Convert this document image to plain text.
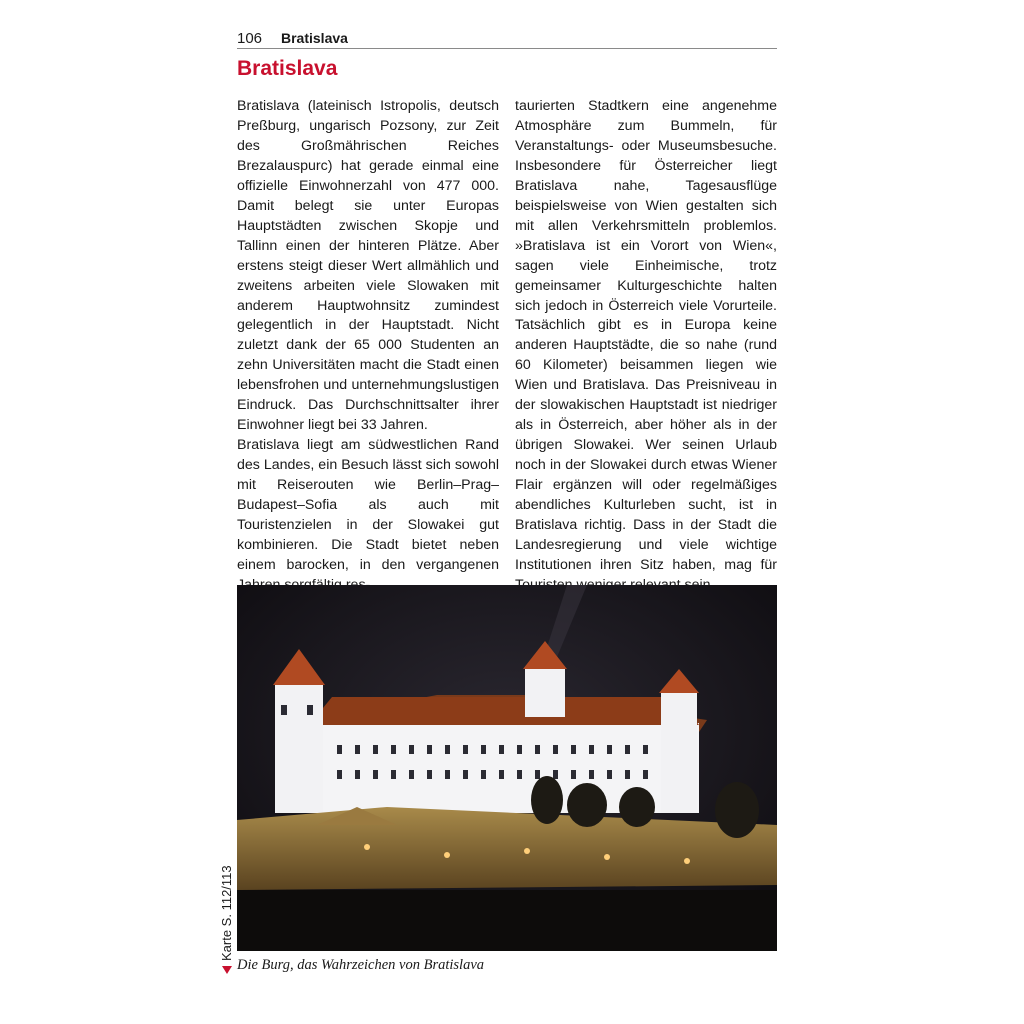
106 Bratislava
Bratislava

Bratislava (lateinisch Istropolis, deutsch Preßburg, ungarisch Pozsony, zur Zeit des Großmährischen Reiches Brezalauspurc) hat gerade einmal eine offizielle Einwohnerzahl von 477 000. Damit belegt sie unter Europas Hauptstädten zwischen Skopje und Tallinn einen der hinteren Plätze. Aber erstens steigt dieser Wert allmählich und zweitens arbeiten viele Slowaken mit anderem Hauptwohnsitz zumindest gelegentlich in der Hauptstadt. Nicht zuletzt dank der 65 000 Studenten an zehn Universitäten macht die Stadt einen lebensfrohen und unternehmungslustigen Eindruck. Das Durchschnittsalter ihrer Einwohner liegt bei 33 Jahren.

Bratislava liegt am südwestlichen Rand des Landes, ein Besuch lässt sich sowohl mit Reiserouten wie Berlin–Prag–Budapest–Sofia als auch mit Touristenzielen in der Slowakei gut kombinieren. Die Stadt bietet neben einem barocken, in den vergangenen

taurierten Stadtkern eine angenehme Atmosphäre zum Bummeln, für Veranstaltungs- oder Museumsbesuche. Insbesondere für Österreicher liegt Bratislava nahe, Tagesausflüge beispielsweise von Wien gestalten sich mit allen Verkehrsmitteln problemlos. »Bratislava ist ein Vorort von Wien«, sagen viele Einheimische, trotz gemeinsamer Kulturgeschichte halten sich jedoch in Österreich viele Vorurteile. Tatsächlich gibt es in Europa keine anderen Hauptstädte, die so nahe (rund 60 Kilometer) beisammen liegen wie Wien und Bratislava. Das Preisniveau in der slowakischen Hauptstadt ist niedriger als in Österreich, aber höher als in der übrigen Slowakei. Wer seinen Urlaub noch in der Slowakei durch etwas Wiener Flair ergänzen will oder regelmäßiges abendliches Kulturleben sucht, ist in Bratislava richtig. Dass in der Stadt die Landesregierung und viele wichtige Institutionen ihren Sitz haben, mag für

Die Burg, das Wahrzeichen von Bratislava
Karte S. 112/113
